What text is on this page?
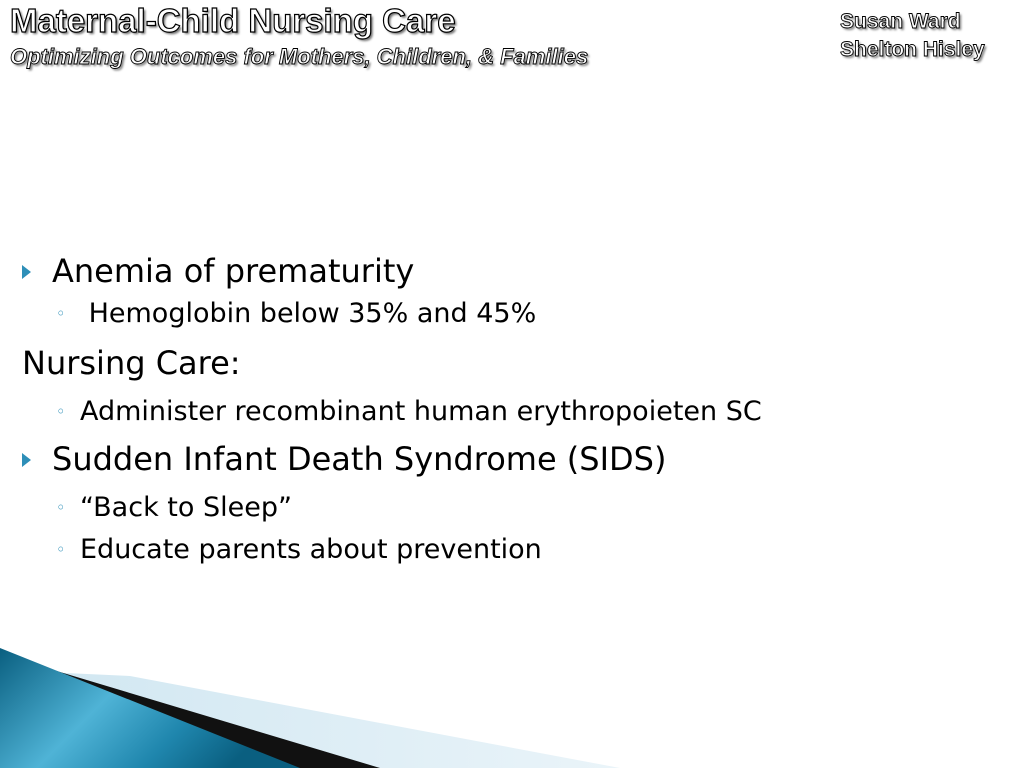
Maternal-Child Nursing Care
Optimizing Outcomes for Mothers, Children, & Families
Susan Ward
Shelton Hisley
Anemia of prematurity
◦ Hemoglobin below 35% and 45%
Nursing Care:
◦ Administer recombinant human erythropoieten SC
Sudden Infant Death Syndrome (SIDS)
◦ “Back to Sleep”
◦ Educate parents about prevention
